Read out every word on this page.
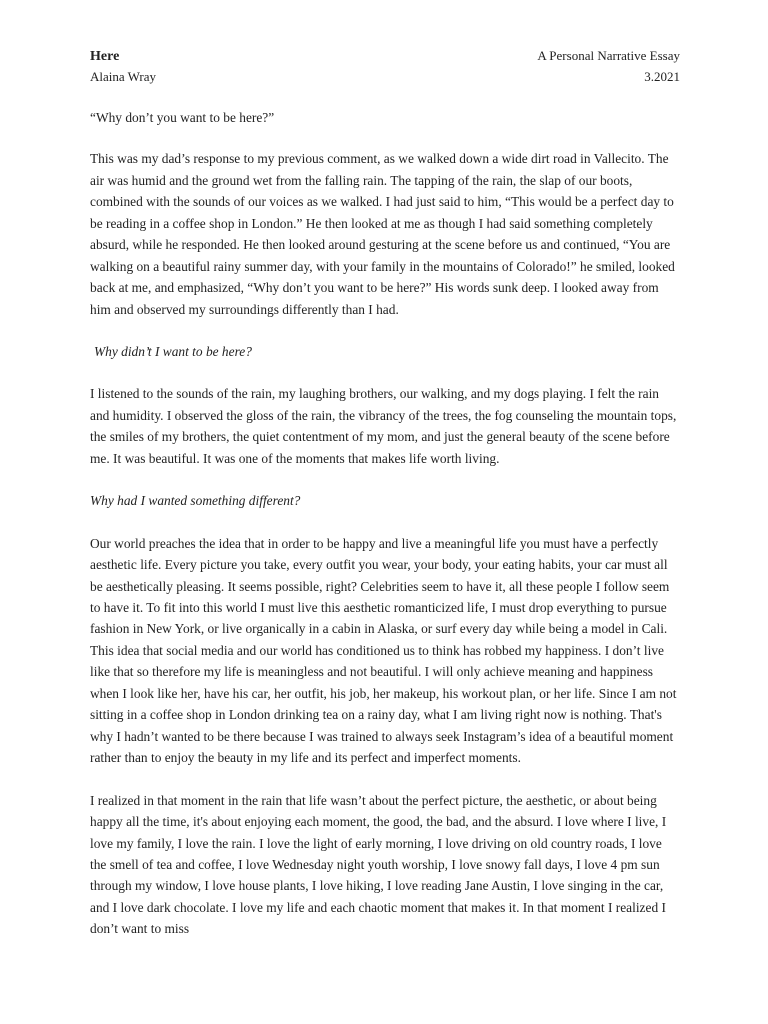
Here	A Personal Narrative Essay
Alaina Wray	3.2021
“Why don’t you want to be here?”

This was my dad’s response to my previous comment, as we walked down a wide dirt road in Vallecito. The air was humid and the ground wet from the falling rain. The tapping of the rain, the slap of our boots, combined with the sounds of our voices as we walked. I had just said to him, “This would be a perfect day to be reading in a coffee shop in London.” He then looked at me as though I had said something completely absurd, while he responded. He then looked around gesturing at the scene before us and continued, “You are walking on a beautiful rainy summer day, with your family in the mountains of Colorado!” he smiled, looked back at me, and emphasized, “Why don’t you want to be here?” His words sunk deep. I looked away from him and observed my surroundings differently than I had.

Why didn’t I want to be here?

I listened to the sounds of the rain, my laughing brothers, our walking, and my dogs playing. I felt the rain and humidity. I observed the gloss of the rain, the vibrancy of the trees, the fog counseling the mountain tops, the smiles of my brothers, the quiet contentment of my mom, and just the general beauty of the scene before me. It was beautiful. It was one of the moments that makes life worth living.

Why had I wanted something different?

Our world preaches the idea that in order to be happy and live a meaningful life you must have a perfectly aesthetic life. Every picture you take, every outfit you wear, your body, your eating habits, your car must all be aesthetically pleasing. It seems possible, right? Celebrities seem to have it, all these people I follow seem to have it. To fit into this world I must live this aesthetic romanticized life, I must drop everything to pursue fashion in New York, or live organically in a cabin in Alaska, or surf every day while being a model in Cali. This idea that social media and our world has conditioned us to think has robbed my happiness. I don’t live like that so therefore my life is meaningless and not beautiful. I will only achieve meaning and happiness when I look like her, have his car, her outfit, his job, her makeup, his workout plan, or her life. Since I am not sitting in a coffee shop in London drinking tea on a rainy day, what I am living right now is nothing. That's why I hadn’t wanted to be there because I was trained to always seek Instagram’s idea of a beautiful moment rather than to enjoy the beauty in my life and its perfect and imperfect moments.

I realized in that moment in the rain that life wasn’t about the perfect picture, the aesthetic, or about being happy all the time, it's about enjoying each moment, the good, the bad, and the absurd. I love where I live, I love my family, I love the rain. I love the light of early morning, I love driving on old country roads, I love the smell of tea and coffee, I love Wednesday night youth worship, I love snowy fall days, I love 4 pm sun through my window, I love house plants, I love hiking, I love reading Jane Austin, I love singing in the car, and I love dark chocolate. I love my life and each chaotic moment that makes it. In that moment I realized I don’t want to miss
